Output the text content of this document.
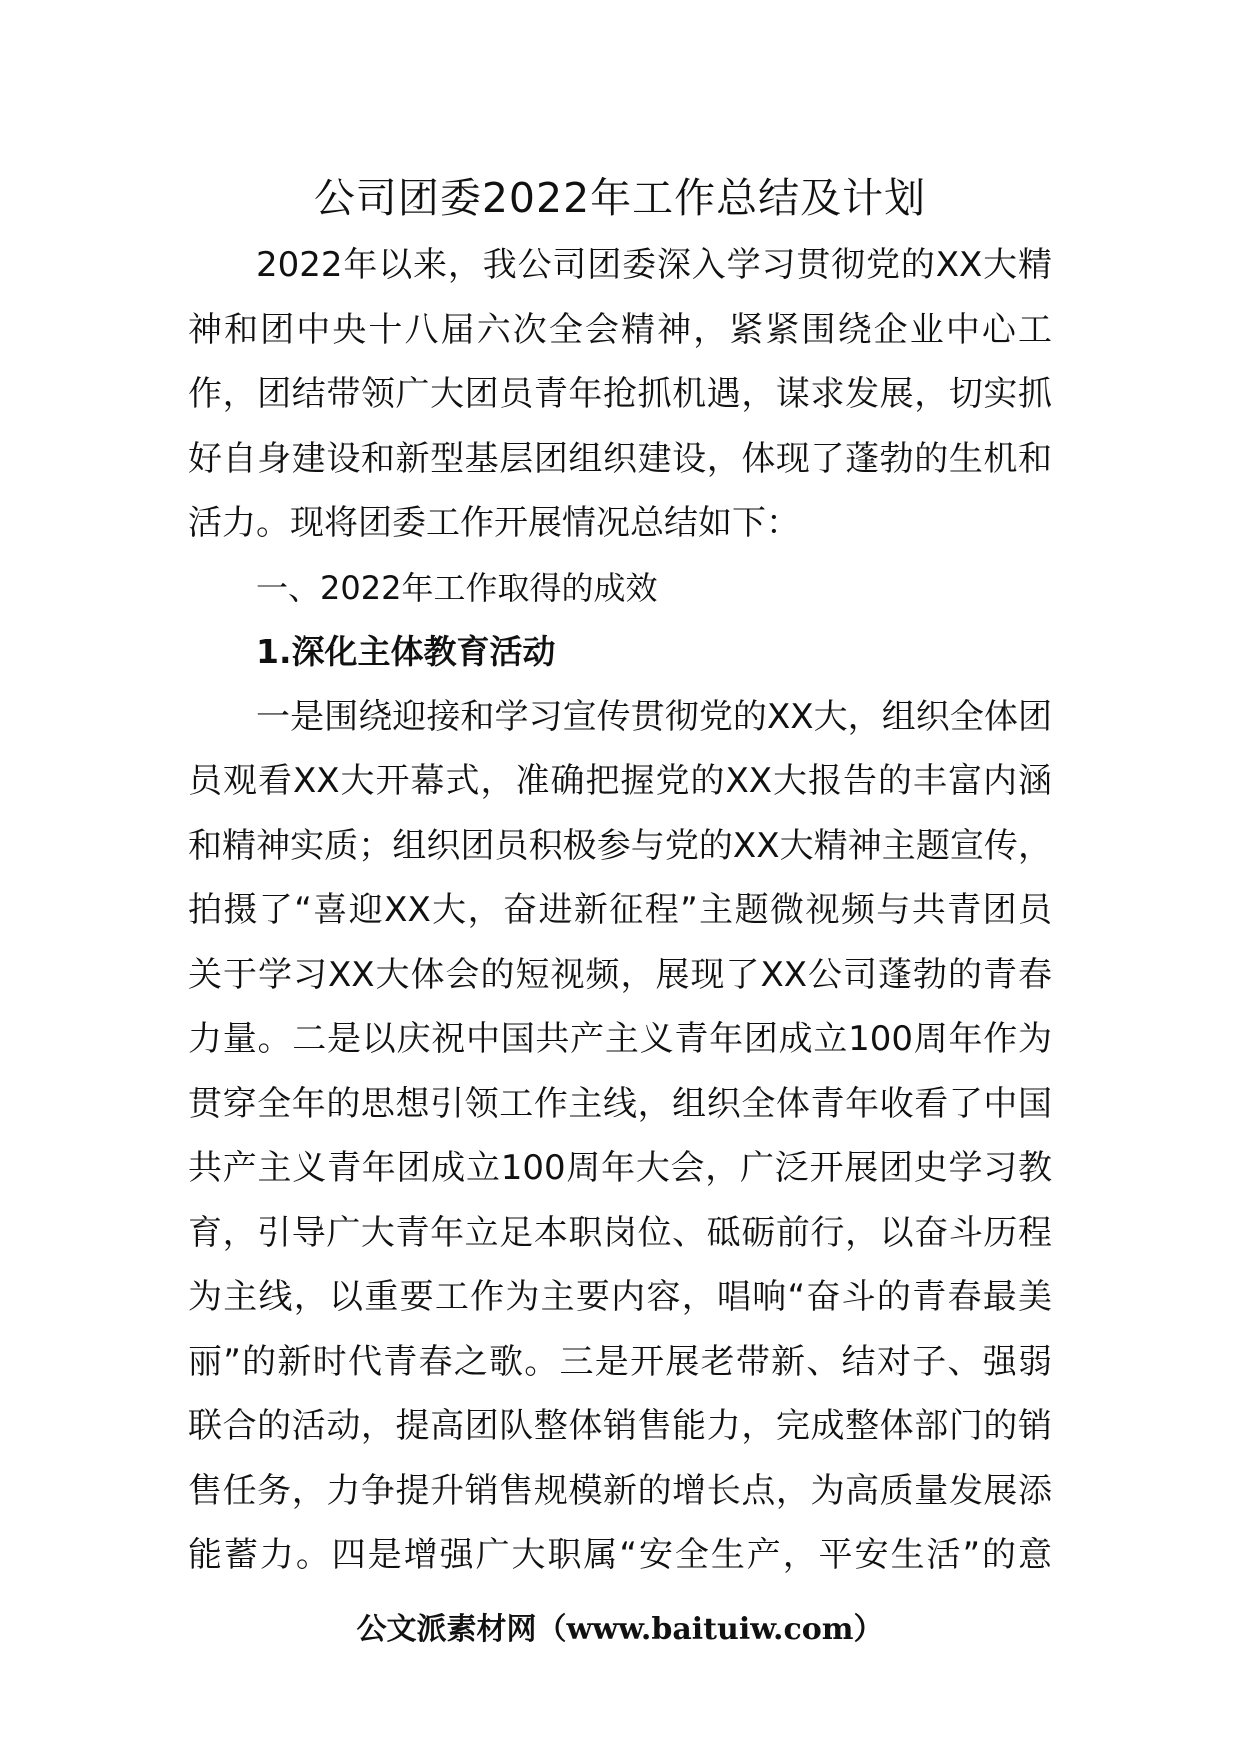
公司团委2022年工作总结及计划
2022年以来，我公司团委深入学习贯彻党的XX大精
神和团中央十八届六次全会精神，紧紧围绕企业中心工
作，团结带领广大团员青年抢抓机遇，谋求发展，切实抓
好自身建设和新型基层团组织建设，体现了蓬勃的生机和
活力。现将团委工作开展情况总结如下：
一、2022年工作取得的成效
1.深化主体教育活动
一是围绕迎接和学习宣传贯彻党的XX大，组织全体团
员观看XX大开幕式，准确把握党的XX大报告的丰富内涵
和精神实质；组织团员积极参与党的XX大精神主题宣传，
拍摄了“喜迎XX大，奋进新征程”主题微视频与共青团员
关于学习XX大体会的短视频，展现了XX公司蓬勃的青春
力量。二是以庆祝中国共产主义青年团成立100周年作为
贯穿全年的思想引领工作主线，组织全体青年收看了中国
共产主义青年团成立100周年大会，广泛开展团史学习教
育，引导广大青年立足本职岗位、砥砺前行，以奋斗历程
为主线，以重要工作为主要内容，唱响“奋斗的青春最美
丽”的新时代青春之歌。三是开展老带新、结对子、强弱
联合的活动，提高团队整体销售能力，完成整体部门的销
售任务，力争提升销售规模新的增长点，为高质量发展添
能蓄力。四是增强广大职属“安全生产，平安生活”的意
公文派素材网（www.baituiw.com）
